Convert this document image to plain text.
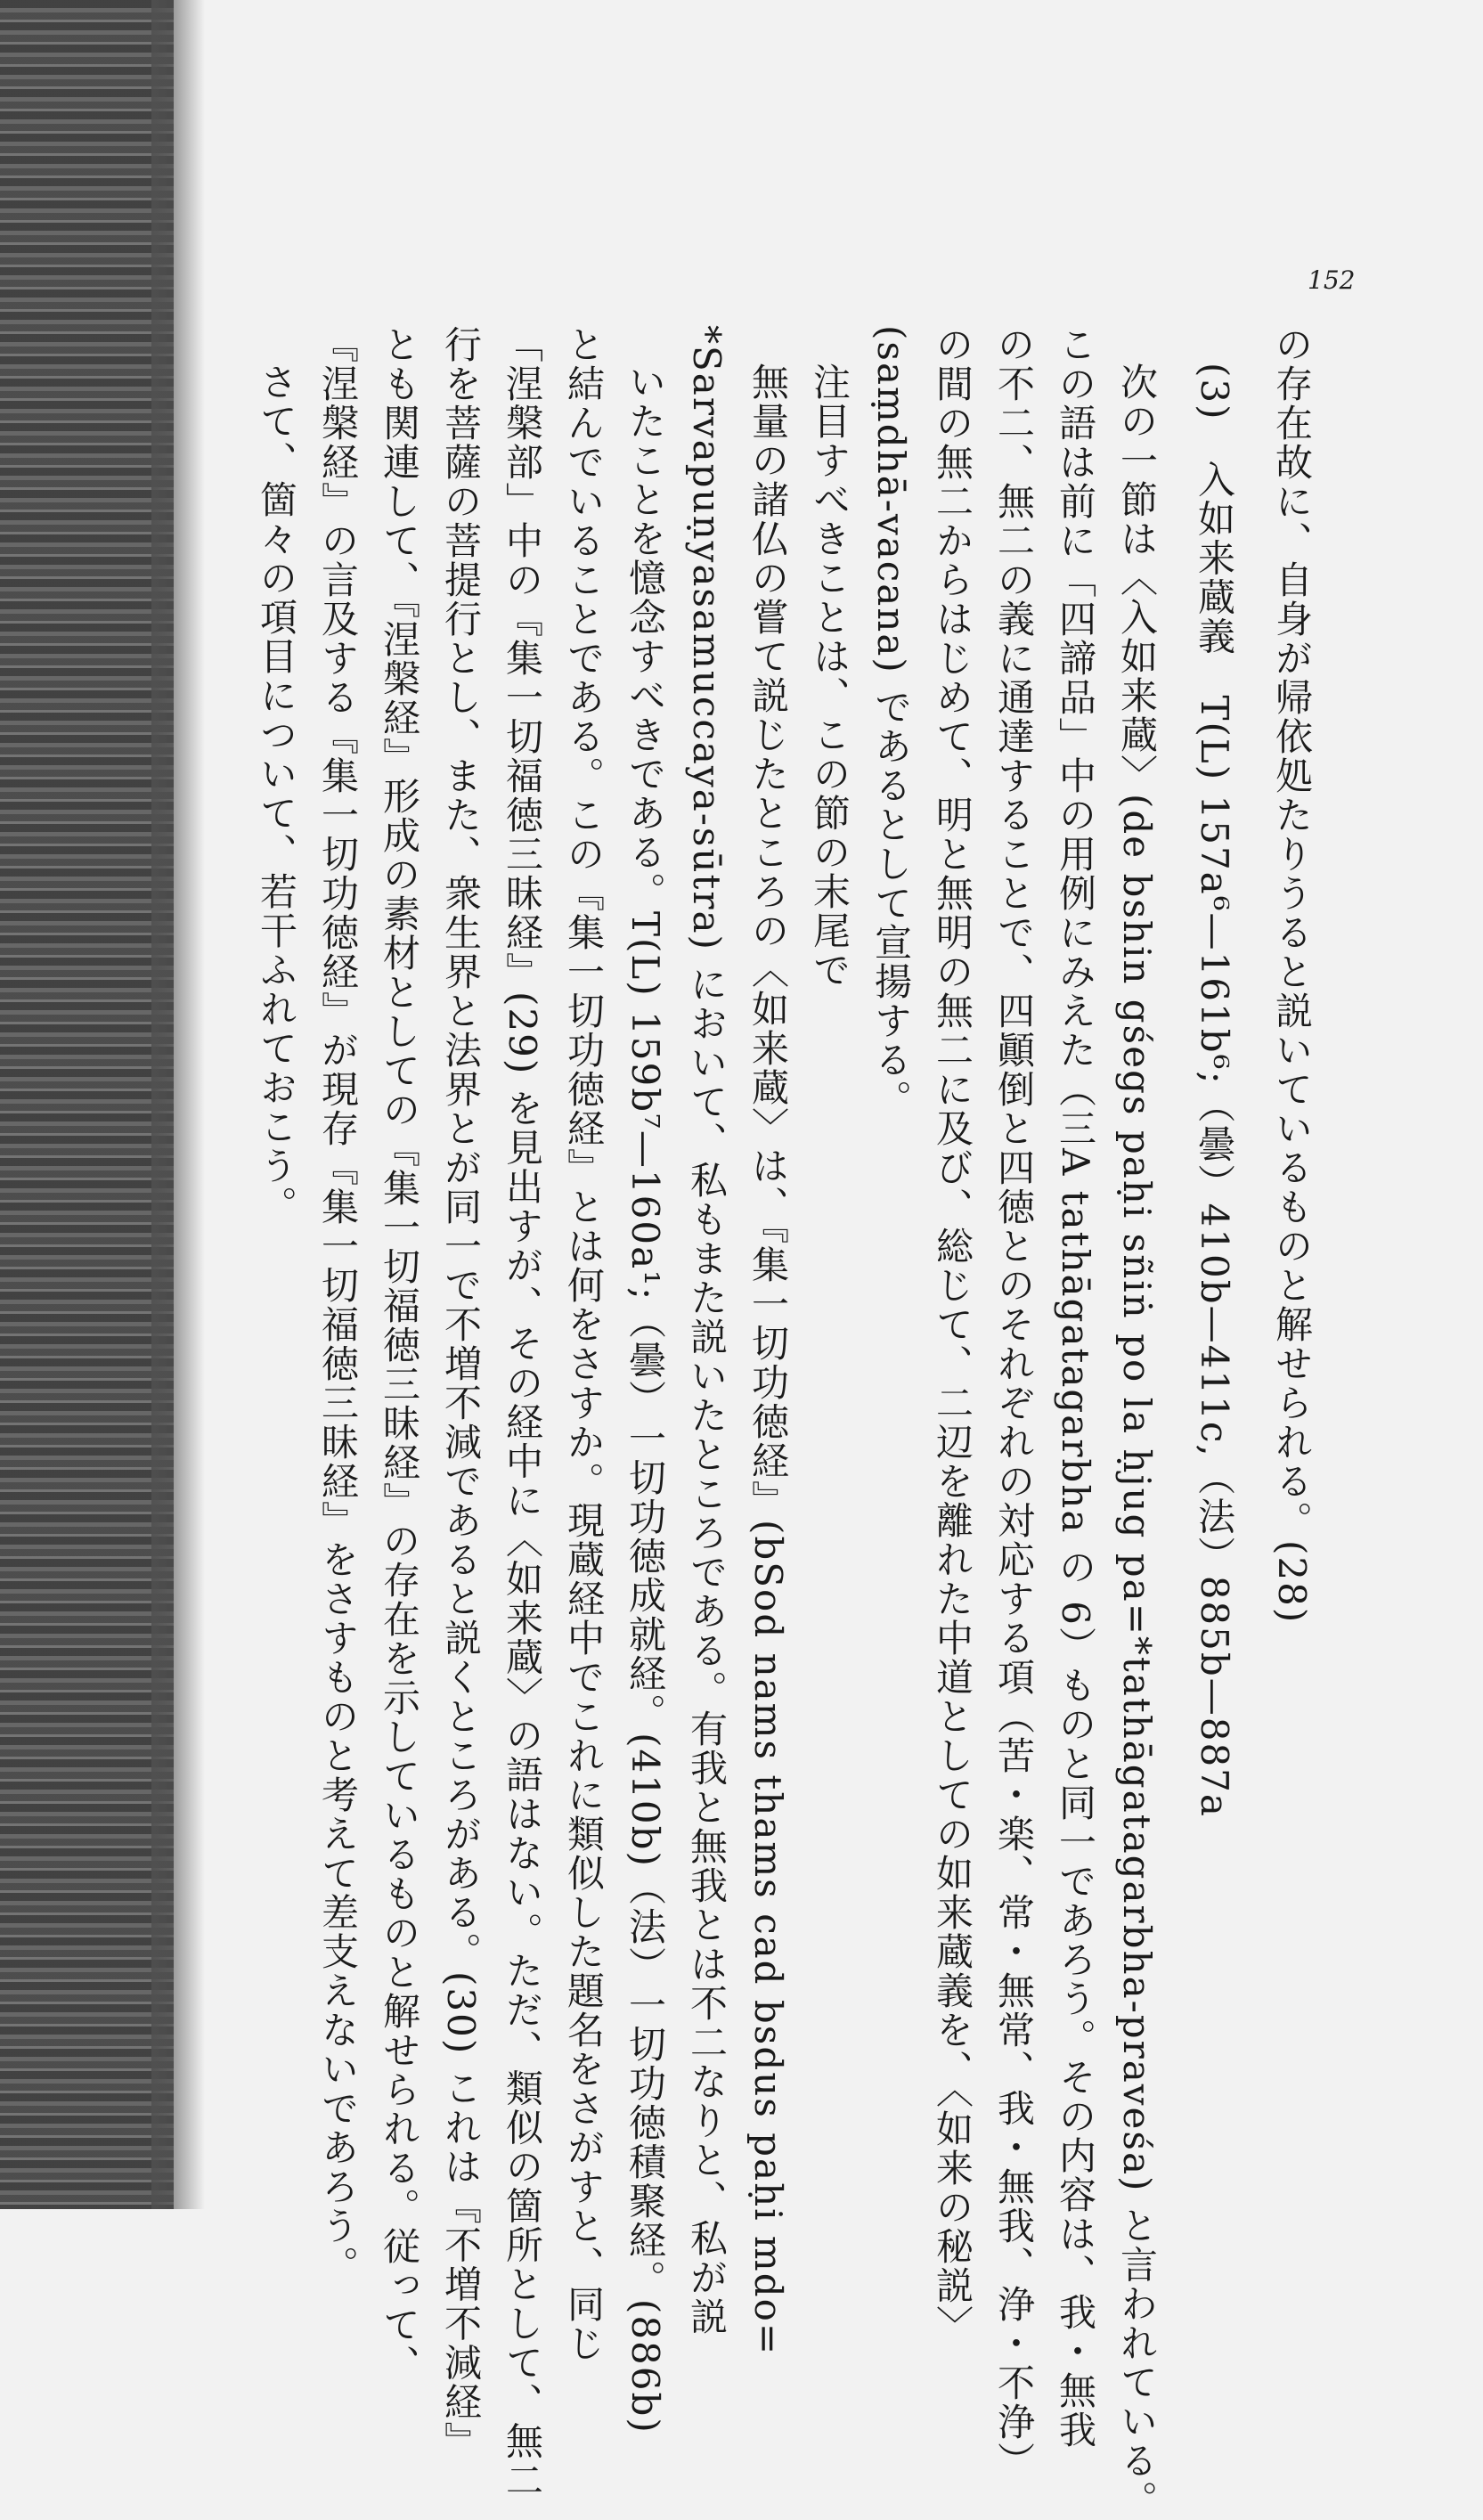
152
の存在故に、自身が帰依処たりうると説いているものと解せられる。(28)
(3)　入如来蔵義　T(L) 157a⁶—161b⁶;（曇）410b—411c,（法）885b—887a
次の一節は〈入如来蔵〉(de bshin gśegs paḥi sñiṅ po la ḥjug pa=*tathāgatagarbha-praveśa) と言われている。
この語は前に「四諦品」中の用例にみえた（三A tathāgatagarbha の 6）ものと同一であろう。その内容は、我・無我
の不二、無二の義に通達することで、四顚倒と四徳とのそれぞれの対応する項（苦・楽、常・無常、我・無我、浄・不浄）
の間の無二からはじめて、明と無明の無二に及び、総じて、二辺を離れた中道としての如来蔵義を、〈如来の秘説〉
(saṃdhā-vacana) であるとして宣揚する。
注目すべきことは、この節の末尾で
無量の諸仏の嘗て説じたところの〈如来蔵〉は、『集一切功徳経』(bSod nams thams cad bsdus paḥi mdo=
*Sarvapuṇyasamuccaya-sūtra) において、私もまた説いたところである。有我と無我とは不二なりと、私が説
いたことを憶念すべきである。T(L) 159b⁷—160a¹;（曇）一切功徳成就経。(410b)（法）一切功徳積聚経。(886b)
と結んでいることである。この『集一切功徳経』とは何をさすか。現蔵経中でこれに類似した題名をさがすと、同じ
「涅槃部」中の『集一切福徳三昧経』(29) を見出すが、その経中に〈如来蔵〉の語はない。ただ、類似の箇所として、無二
行を菩薩の菩提行とし、また、衆生界と法界とが同一で不増不減であると説くところがある。(30) これは『不増不減経』
とも関連して、『涅槃経』形成の素材としての『集一切福徳三昧経』の存在を示しているものと解せられる。従って、
『涅槃経』の言及する『集一切功徳経』が現存『集一切福徳三昧経』をさすものと考えて差支えないであろう。
さて、箇々の項目について、若干ふれておこう。
